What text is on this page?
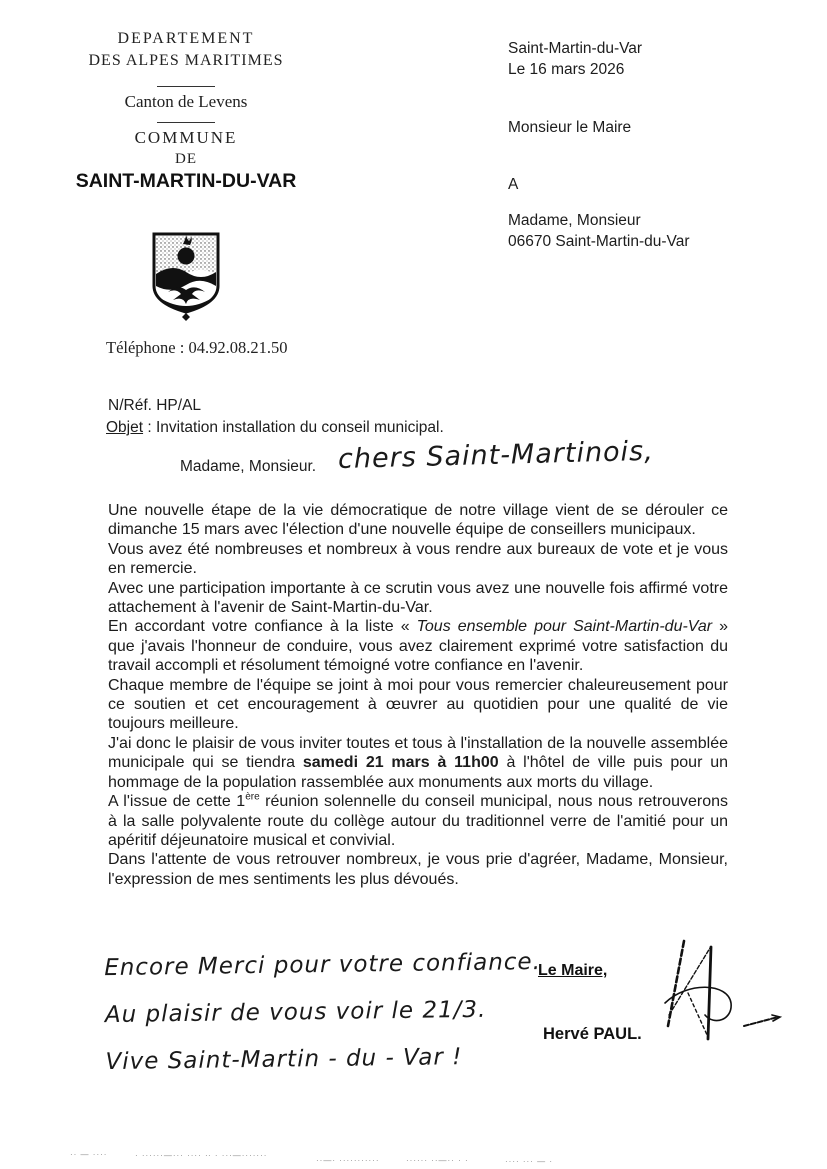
DEPARTEMENT
DES ALPES MARITIMES
Canton de Levens
COMMUNE
DE
SAINT-MARTIN-DU-VAR
Téléphone : 04.92.08.21.50
Saint-Martin-du-Var
Le 16 mars 2026
Monsieur le Maire
A
Madame, Monsieur
06670 Saint-Martin-du-Var
N/Réf. HP/AL
Objet : Invitation installation du conseil municipal.
Madame, Monsieur. chers Saint-Martinois,

Une nouvelle étape de la vie démocratique de notre village vient de se dérouler ce dimanche 15 mars avec l'élection d'une nouvelle équipe de conseillers municipaux.

Vous avez été nombreuses et nombreux à vous rendre aux bureaux de vote et je vous en remercie.

Avec une participation importante à ce scrutin vous avez une nouvelle fois affirmé votre attachement à l'avenir de Saint-Martin-du-Var.

En accordant votre confiance à la liste « Tous ensemble pour Saint-Martin-du-Var » que j'avais l'honneur de conduire, vous avez clairement exprimé votre satisfaction du travail accompli et résolument témoigné votre confiance en l'avenir.

Chaque membre de l'équipe se joint à moi pour vous remercier chaleureusement pour ce soutien et cet encouragement à œuvrer au quotidien pour une qualité de vie toujours meilleure.

J'ai donc le plaisir de vous inviter toutes et tous à l'installation de la nouvelle assemblée municipale qui se tiendra samedi 21 mars à 11h00 à l'hôtel de ville puis pour un hommage de la population rassemblée aux monuments aux morts du village.

A l'issue de cette 1ère réunion solennelle du conseil municipal, nous nous retrouverons à la salle polyvalente route du collège autour du traditionnel verre de l'amitié pour un apéritif déjeunatoire musical et convivial.

Dans l'attente de vous retrouver nombreux, je vous prie d'agréer, Madame, Monsieur, l'expression de mes sentiments les plus dévoués.

Encore Merci pour votre confiance.
Au plaisir de vous voir le 21/3.
Vive Saint-Martin - du - Var !
Le Maire,
Hervé PAUL.
·· — ····	· ······—··· ···· · · · ···—·······
··—· ···········	······ ··—·· · ·	···· ··· — ·
